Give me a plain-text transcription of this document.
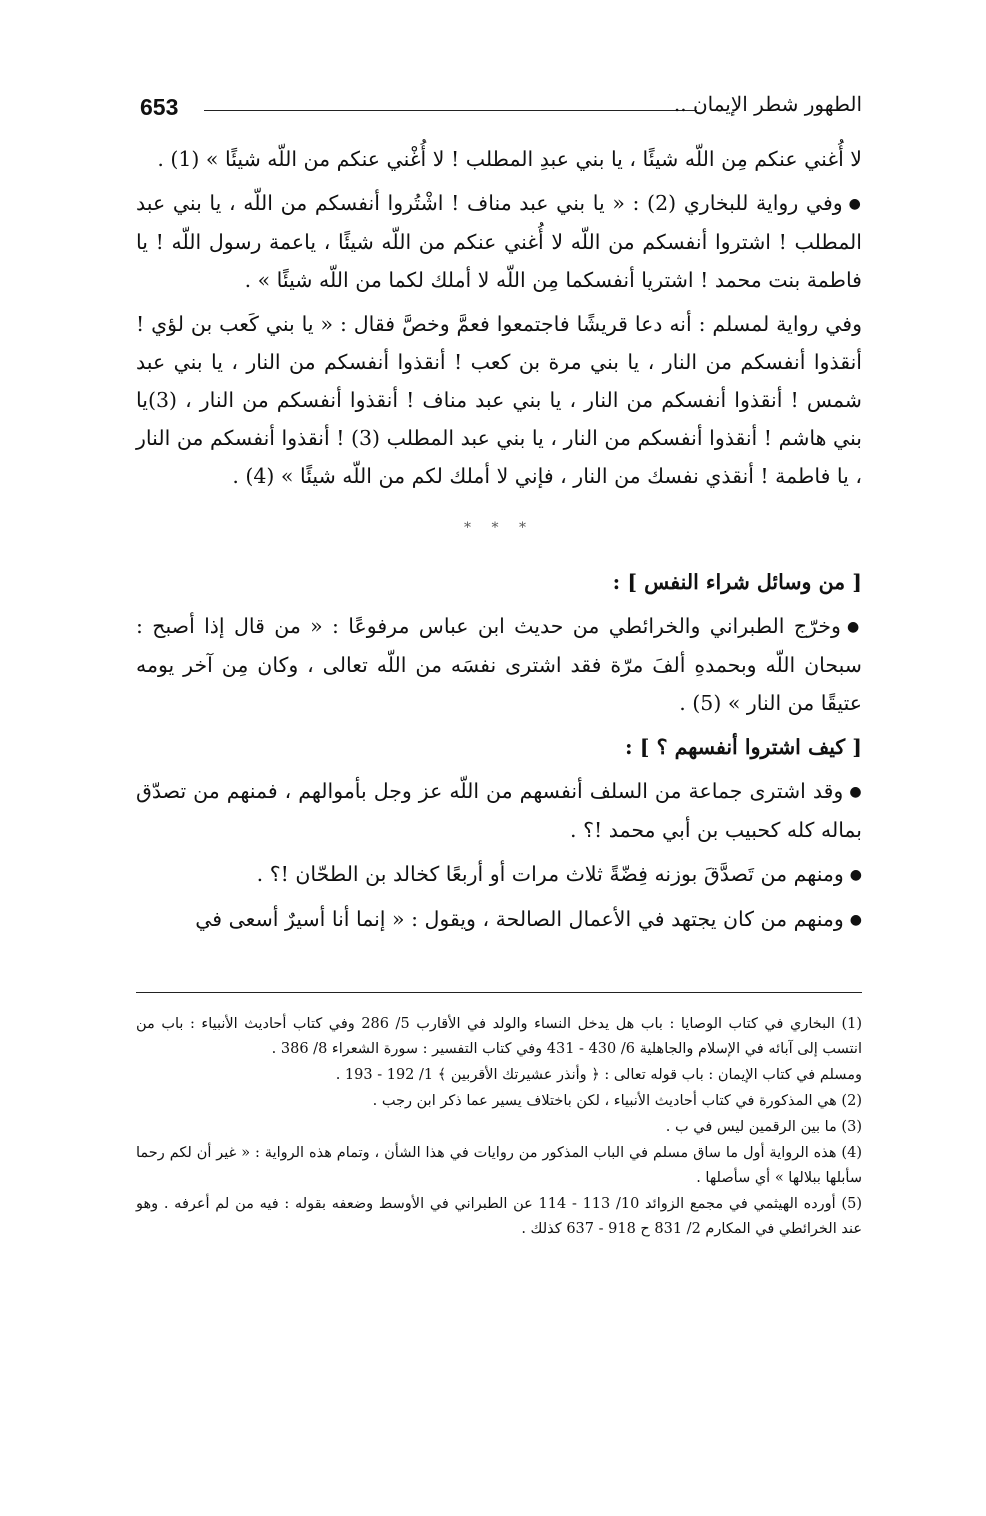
653	الطهور شطر الإيمان ..

لا أُغني عنكم مِن اللّه شيئًا ، يا بني عبدِ المطلب ! لا أُغْني عنكم من اللّه شيئًا » (1) .

●وفي رواية للبخاري (2) : « يا بني عبد مناف ! اشْتُروا أنفسكم من اللّه ، يا بني عبد المطلب ! اشتروا أنفسكم من اللّه لا أُغني عنكم من اللّه شيئًا ، ياعمة رسول اللّه ! يا فاطمة بنت محمد ! اشتريا أنفسكما مِن اللّه لا أملك لكما من اللّه شيئًا » .

وفي رواية لمسلم : أنه دعا قريشًا فاجتمعوا فعمَّ وخصَّ فقال : « يا بني كَعب بن لؤي ! أنقذوا أنفسكم من النار ، يا بني مرة بن كعب ! أنقذوا أنفسكم من النار ، يا بني عبد شمس ! أنقذوا أنفسكم من النار ، يا بني عبد مناف ! أنقذوا أنفسكم من النار ، (3)يا بني هاشم ! أنقذوا أنفسكم من النار ، يا بني عبد المطلب (3) ! أنقذوا أنفسكم من النار ، يا فاطمة ! أنقذي نفسك من النار ، فإني لا أملك لكم من اللّه شيئًا » (4) .

* * *

[ من وسائل شراء النفس ] :

●وخرّج الطبراني والخرائطي من حديث ابن عباس مرفوعًا : « من قال إذا أصبح : سبحان اللّه وبحمدهِ ألفَ مرّة فقد اشترى نفسَه من اللّه تعالى ، وكان مِن آخر يومه عتيقًا من النار » (5) .

[ كيف اشتروا أنفسهم ؟ ] :

●وقد اشترى جماعة من السلف أنفسهم من اللّه عز وجل بأموالهم ، فمنهم من تصدّق بماله كله كحبيب بن أبي محمد !؟ .

●ومنهم من تَصدَّقَ بوزنه فِضّةً ثلاث مرات أو أربعًا كخالد بن الطحّان !؟ .

●ومنهم من كان يجتهد في الأعمال الصالحة ، ويقول : « إنما أنا أسيرٌ أسعى في

(1) البخاري في كتاب الوصايا : باب هل يدخل النساء والولد في الأقارب 5/ 286 وفي كتاب أحاديث الأنبياء : باب من انتسب إلى آبائه في الإسلام والجاهلية 6/ 430 - 431 وفي كتاب التفسير : سورة الشعراء 8/ 386 .

ومسلم في كتاب الإيمان : باب قوله تعالى : ﴿ وأنذر عشيرتك الأقربين ﴾ 1/ 192 - 193 .

(2) هي المذكورة في كتاب أحاديث الأنبياء ، لكن باختلاف يسير عما ذكر ابن رجب .

(3) ما بين الرقمين ليس في ب .

(4) هذه الرواية أول ما ساق مسلم في الباب المذكور من روايات في هذا الشأن ، وتمام هذه الرواية : « غير أن لكم رحما سأبلها ببلالها » أي سأصلها .

(5) أورده الهيثمي في مجمع الزوائد 10/ 113 - 114 عن الطبراني في الأوسط وضعفه بقوله : فيه من لم أعرفه . وهو عند الخرائطي في المكارم 2/ 831 ح 918 - 637 كذلك .
